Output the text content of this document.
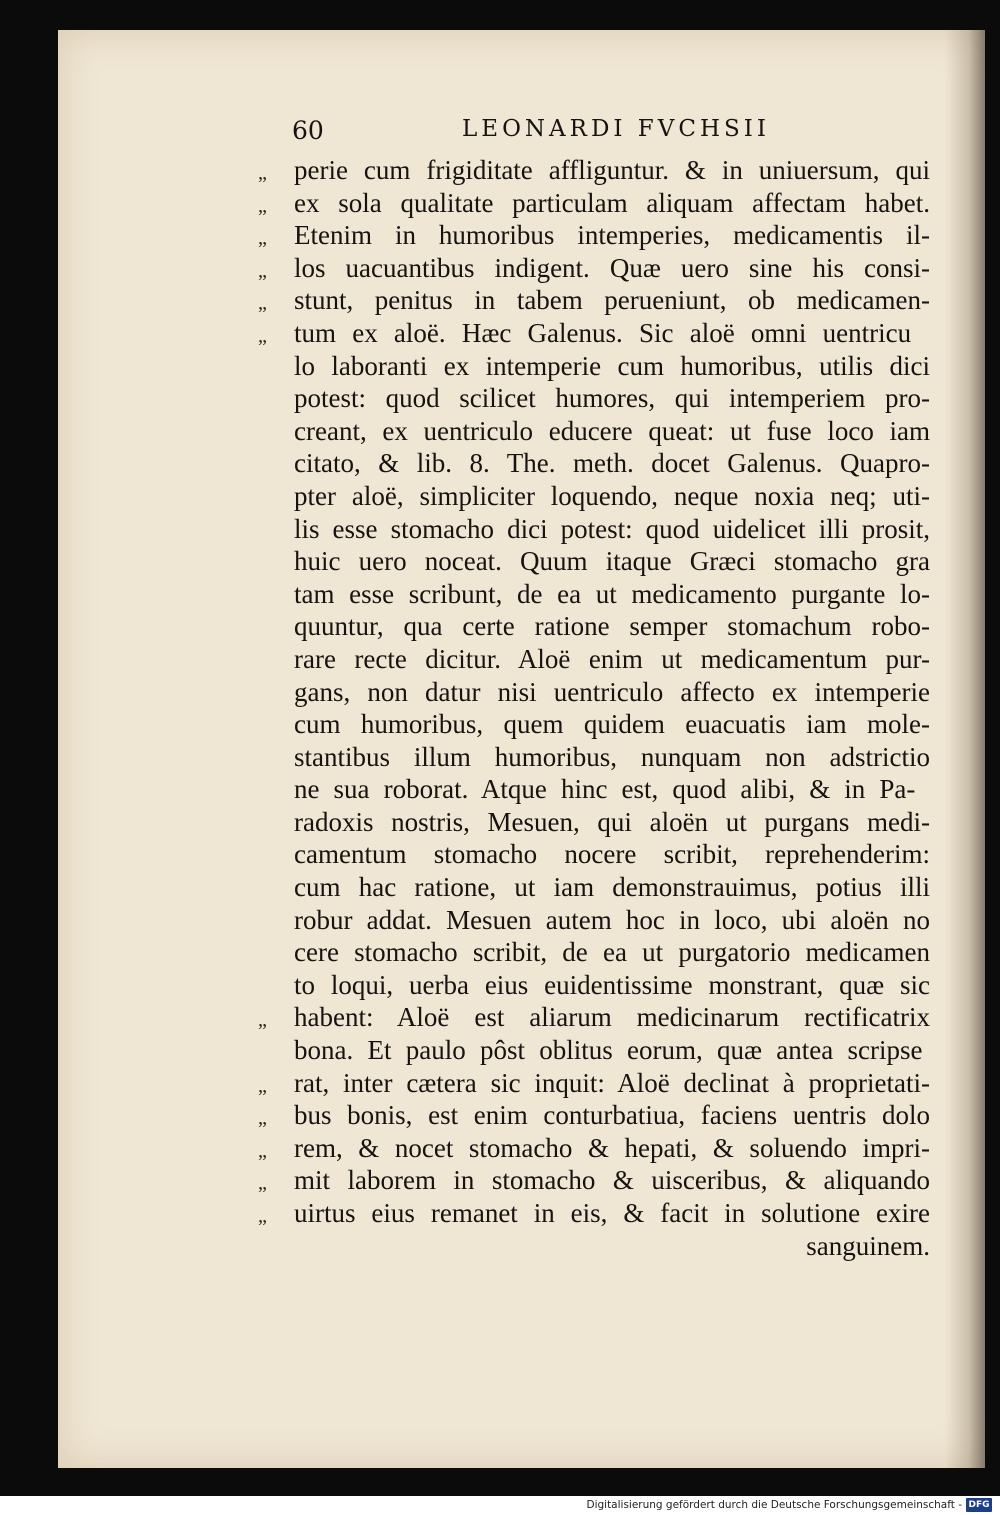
60	LEONARDI FVCHSII
„	perie cum frigiditate affliguntur. & in uniuersum, qui
„	ex sola qualitate particulam aliquam affectam habet.
„	Etenim in humoribus intemperies, medicamentis il-
„	los uacuantibus indigent. Quæ uero sine his consi-
„	stunt, penitus in tabem perueniunt, ob medicamen-
„	tum ex aloë. Hæc Galenus. Sic aloë omni uentricu
lo laboranti ex intemperie cum humoribus, utilis dici
potest: quod scilicet humores, qui intemperiem pro-
creant, ex uentriculo educere queat: ut fuse loco iam
citato, & lib. 8. The. meth. docet Galenus. Quapro-
pter aloë, simpliciter loquendo, neque noxia neq; uti-
lis esse stomacho dici potest: quod uidelicet illi prosit,
huic uero noceat. Quum itaque Græci stomacho gra
tam esse scribunt, de ea ut medicamento purgante lo-
quuntur, qua certe ratione semper stomachum robo-
rare recte dicitur. Aloë enim ut medicamentum pur-
gans, non datur nisi uentriculo affecto ex intemperie
cum humoribus, quem quidem euacuatis iam mole-
stantibus illum humoribus, nunquam non adstrictio
ne sua roborat. Atque hinc est, quod alibi, & in Pa-
radoxis nostris, Mesuen, qui aloën ut purgans medi-
camentum stomacho nocere scribit, reprehenderim:
cum hac ratione, ut iam demonstrauimus, potius illi
robur addat. Mesuen autem hoc in loco, ubi aloën no
cere stomacho scribit, de ea ut purgatorio medicamen
to loqui, uerba eius euidentissime monstrant, quæ sic
„	habent: Aloë est aliarum medicinarum rectificatrix
bona. Et paulo pôst oblitus eorum, quæ antea scripse
„	rat, inter cætera sic inquit: Aloë declinat à proprietati-
„	bus bonis, est enim conturbatiua, faciens uentris dolo
„	rem, & nocet stomacho & hepati, & soluendo impri-
„	mit laborem in stomacho & uisceribus, & aliquando
„	uirtus eius remanet in eis, & facit in solutione exire
sanguinem.
Digitalisierung gefördert durch die Deutsche Forschungsgemeinschaft - DFG
